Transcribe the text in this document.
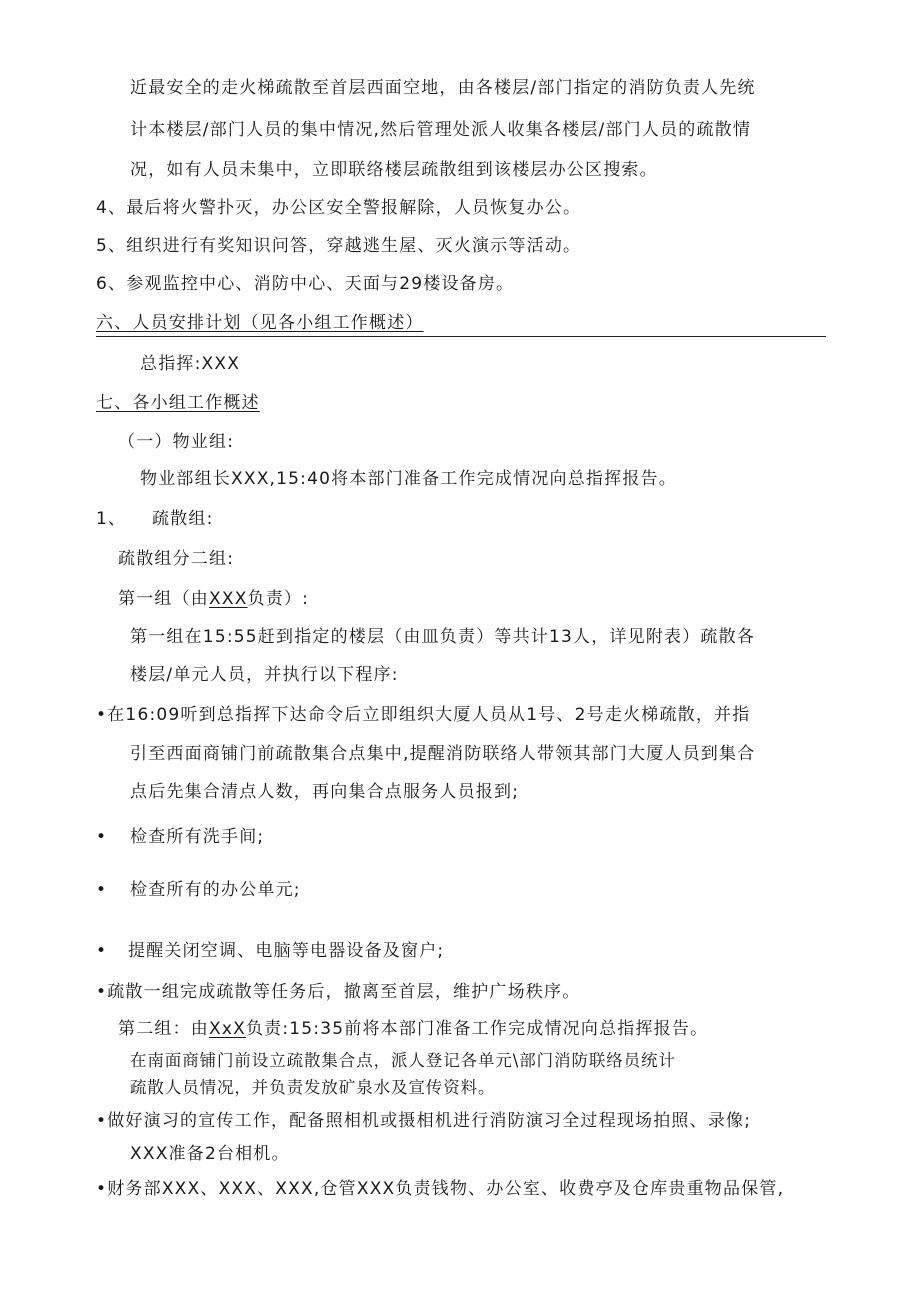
近最安全的走火梯疏散至首层西面空地，由各楼层/部门指定的消防负责人先统
计本楼层/部门人员的集中情况,然后管理处派人收集各楼层/部门人员的疏散情
况，如有人员未集中，立即联络楼层疏散组到该楼层办公区搜索。
4、最后将火警扑灭，办公区安全警报解除，人员恢复办公。
5、组织进行有奖知识问答，穿越逃生屋、灭火演示等活动。
6、参观监控中心、消防中心、天面与29楼设备房。
六、人员安排计划（见各小组工作概述）
总指挥:XXX
七、各小组工作概述
（一）物业组:
物业部组长XXX,15:40将本部门准备工作完成情况向总指挥报告。
1、 疏散组:
疏散组分二组:
第一组（由XXX负责）:
第一组在15:55赶到指定的楼层（由皿负责）等共计13人，详见附表）疏散各
楼层/单元人员，并执行以下程序:
•在16:09听到总指挥下达命令后立即组织大厦人员从1号、2号走火梯疏散，并指
引至西面商铺门前疏散集合点集中,提醒消防联络人带领其部门大厦人员到集合
点后先集合清点人数，再向集合点服务人员报到;
• 检查所有洗手间;
• 检查所有的办公单元;
• 提醒关闭空调、电脑等电器设备及窗户;
•疏散一组完成疏散等任务后，撤离至首层，维护广场秩序。
第二组：由XxX负责:15:35前将本部门准备工作完成情况向总指挥报告。
在南面商铺门前设立疏散集合点，派人登记各单元\部门消防联络员统计
疏散人员情况，并负责发放矿泉水及宣传资料。
•做好演习的宣传工作，配备照相机或摄相机进行消防演习全过程现场拍照、录像;
XXX准备2台相机。
•财务部XXX、XXX、XXX,仓管XXX负责钱物、办公室、收费亭及仓库贵重物品保管,
